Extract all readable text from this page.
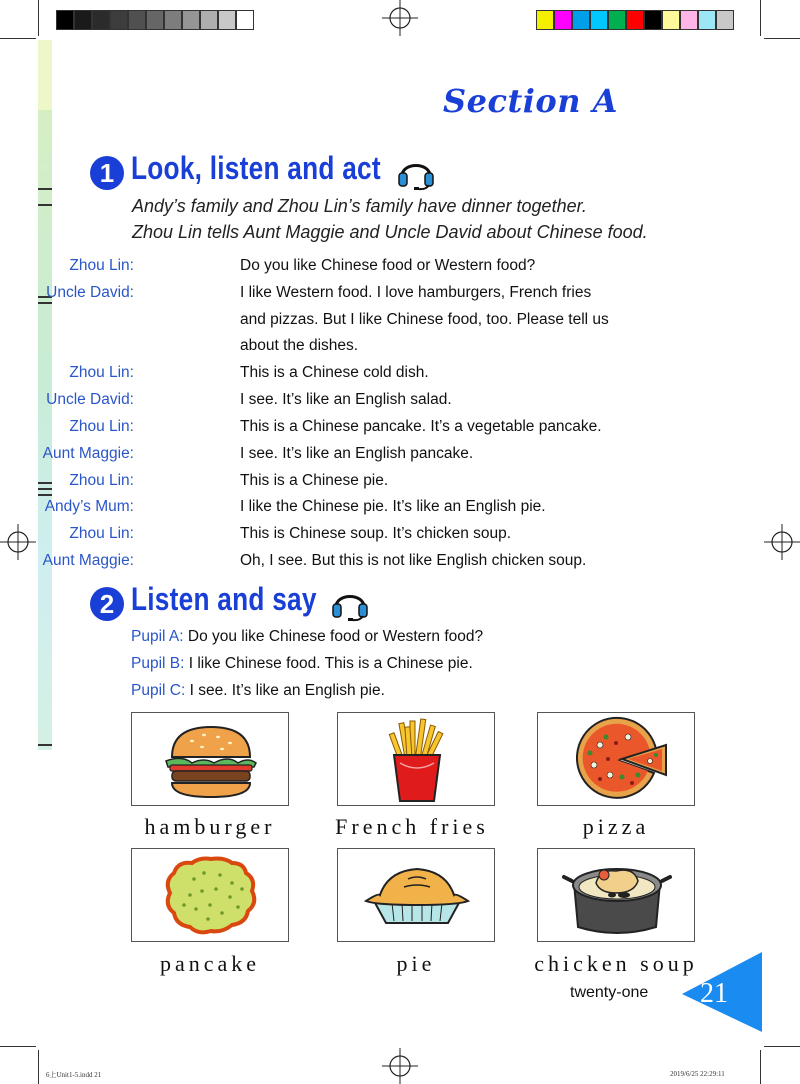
Section A
1 Look, listen and act
Andy’s family and Zhou Lin’s family have dinner together.
Zhou Lin tells Aunt Maggie and Uncle David about Chinese food.
Zhou Lin:	Do you like Chinese food or Western food?
Uncle David:	I like Western food. I love hamburgers, French fries
and pizzas. But I like Chinese food, too. Please tell us
about the dishes.
Zhou Lin:	This is a Chinese cold dish.
Uncle David:	I see. It’s like an English salad.
Zhou Lin:	This is a Chinese pancake. It’s a vegetable pancake.
Aunt Maggie:	I see. It’s like an English pancake.
Zhou Lin:	This is a Chinese pie.
Andy’s Mum:	I like the Chinese pie. It’s like an English pie.
Zhou Lin:	This is Chinese soup. It’s chicken soup.
Aunt Maggie:	Oh, I see. But this is not like English chicken soup.
2 Listen and say
Pupil A: Do you like Chinese food or Western food?
Pupil B: I like Chinese food. This is a Chinese pie.
Pupil C: I see. It’s like an English pie.
hamburger	French fries	pizza
pancake	pie	chicken soup
twenty-one 21
6上Unit1-5.indd 21	2019/6/25 22:29:11
